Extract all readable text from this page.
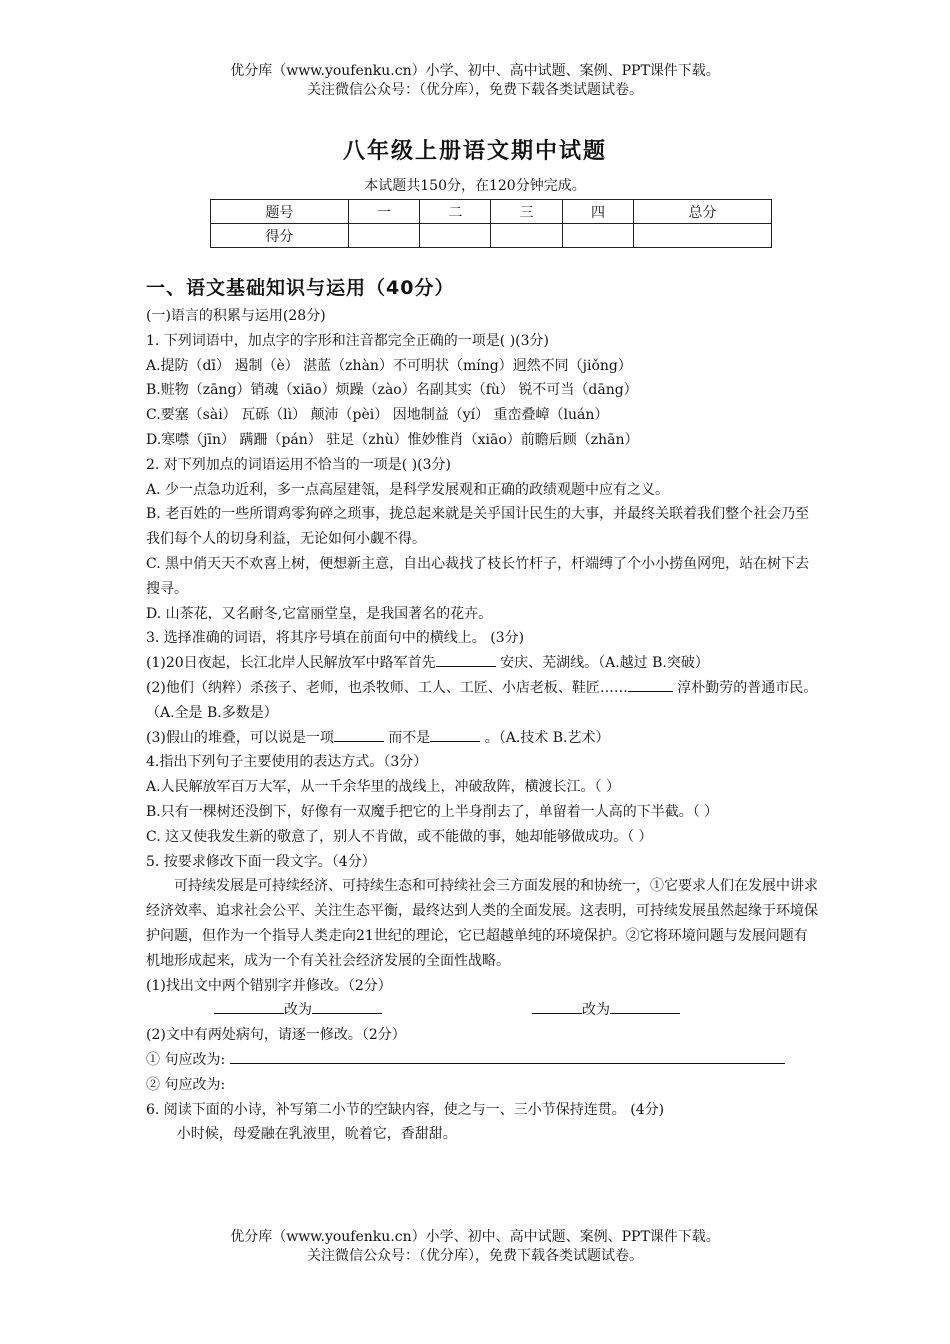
优分库（www.youfenku.cn）小学、初中、高中试题、案例、PPT课件下载。
关注微信公众号：（优分库），免费下载各类试题试卷。
八年级上册语文期中试题
本试题共150分，在120分钟完成。
题号	一	二	三	四	总分
得分					
一、语文基础知识与运用（40分）
(一)语言的积累与运用(28分)
1. 下列词语中，加点字的字形和注音都完全正确的一项是( )(3分)
A.提防（dī） 遏制（è） 湛蓝（zhàn）不可明状（míng）迥然不同（jiǒng）
B.赃物（zāng）销魂（xiāo）烦躁（zào）名副其实（fù） 锐不可当（dāng）
C.要塞（sài） 瓦砾（lì） 颠沛（pèi） 因地制益（yí） 重峦叠嶂（luán）
D.寒噤（jīn） 蹒跚（pán） 驻足（zhù）惟妙惟肖（xiāo）前瞻后顾（zhān）
2. 对下列加点的词语运用不恰当的一项是( )(3分)
A. 少一点急功近利，多一点高屋建瓴，是科学发展观和正确的政绩观题中应有之义。
B. 老百姓的一些所谓鸡零狗碎之琐事，拢总起来就是关乎国计民生的大事，并最终关联着我们整个社会乃至我们每个人的切身利益，无论如何小觑不得。
C. 黑中俏天天不欢喜上树，便想新主意，自出心裁找了枝长竹杆子，杆端缚了个小小捞鱼网兜，站在树下去搜寻。
D. 山茶花，又名耐冬,它富丽堂皇，是我国著名的花卉。
3. 选择准确的词语，将其序号填在前面句中的横线上。 (3分)
(1)20日夜起，长江北岸人民解放军中路军首先	安庆、芜湖线。（A.越过 B.突破）
(2)他们（纳粹）杀孩子、老师，也杀牧师、工人、工匠、小店老板、鞋匠……	淳朴勤劳的普通市民。（A.全是 B.多数是）
(3)假山的堆叠，可以说是一项	而不是	。（A.技术 B.艺术）
4.指出下列句子主要使用的表达方式。（3分）
A.人民解放军百万大军，从一千余华里的战线上，冲破敌阵，横渡长江。（ ）
B.只有一棵树还没倒下，好像有一双魔手把它的上半身削去了，单留着一人高的下半截。（ ）
C. 这又使我发生新的敬意了，别人不肯做，或不能做的事，她却能够做成功。（ ）
5. 按要求修改下面一段文字。（4分）
可持续发展是可持续经济、可持续生态和可持续社会三方面发展的和协统一，①它要求人们在发展中讲求经济效率、追求社会公平、关注生态平衡，最终达到人类的全面发展。这表明，可持续发展虽然起缘于环境保护问题，但作为一个指导人类走向21世纪的理论，它已超越单纯的环境保护。②它将环境问题与发展问题有机地形成起来，成为一个有关社会经济发展的全面性战略。
(1)找出文中两个错别字并修改。（2分）
改为	改为
(2)文中有两处病句，请逐一修改。（2分）
① 句应改为:
② 句应改为:
6. 阅读下面的小诗，补写第二小节的空缺内容，使之与一、三小节保持连贯。 (4分)
小时候，母爱融在乳液里，吮着它，香甜甜。
优分库（www.youfenku.cn）小学、初中、高中试题、案例、PPT课件下载。
关注微信公众号：（优分库），免费下载各类试题试卷。
